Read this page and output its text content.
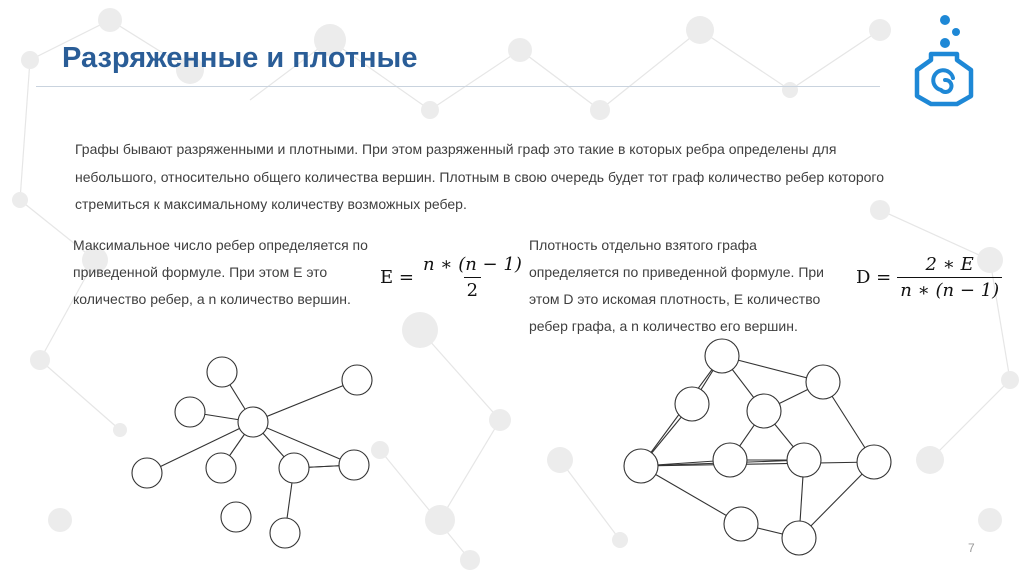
Разряженные и плотные
Графы бывают разряженными и плотными. При этом разряженный граф это такие в которых ребра определены для небольшого, относительно общего количества вершин. Плотным в свою очередь будет тот граф количество ребер которого стремиться к максимальному количеству возможных ребер.
Максимальное число ребер определяется по приведенной формуле. При этом E это количество ребер, а n количество вершин.
$E = \frac{n ∗ (n - 1)}{2}$
Плотность отдельно взятого графа определяется по приведенной формуле. При этом D это искомая плотность, E количество ребер графа, а n количество его вершин.
$D = \frac{2 ∗ E}{n ∗ (n - 1)}$
7
